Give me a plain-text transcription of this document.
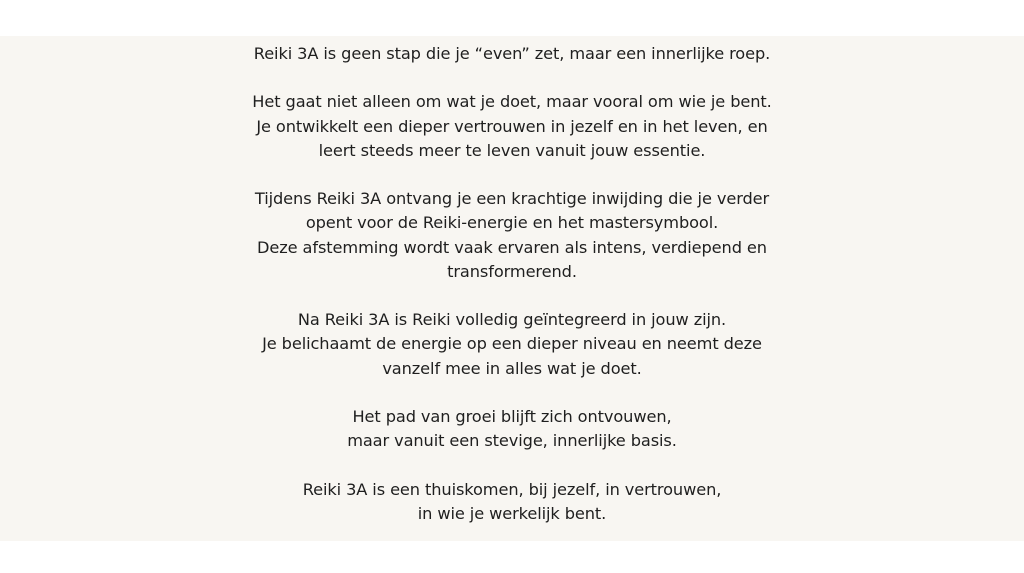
Reiki 3A is geen stap die je “even” zet, maar een innerlijke roep.

Het gaat niet alleen om wat je doet, maar vooral om wie je bent.
Je ontwikkelt een dieper vertrouwen in jezelf en in het leven, en
leert steeds meer te leven vanuit jouw essentie.

Tijdens Reiki 3A ontvang je een krachtige inwijding die je verder
opent voor de Reiki-energie en het mastersymbool.
Deze afstemming wordt vaak ervaren als intens, verdiepend en
transformerend.

Na Reiki 3A is Reiki volledig geïntegreerd in jouw zijn.
Je belichaamt de energie op een dieper niveau en neemt deze
vanzelf mee in alles wat je doet.

Het pad van groei blijft zich ontvouwen,
maar vanuit een stevige, innerlijke basis.

Reiki 3A is een thuiskomen, bij jezelf, in vertrouwen,
in wie je werkelijk bent.
